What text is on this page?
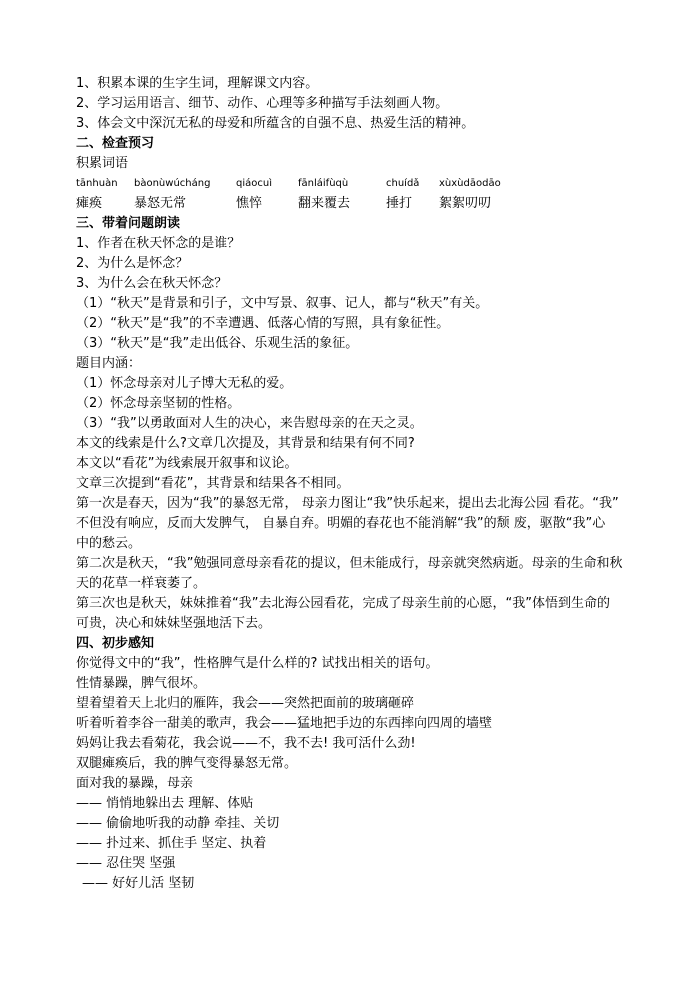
1、积累本课的生字生词，理解课文内容。
2、学习运用语言、细节、动作、心理等多种描写手法刻画人物。
3、体会文中深沉无私的母爱和所蕴含的自强不息、热爱生活的精神。
二、检查预习
积累词语
tānhuàn	bàonùwúcháng	qiáocuì	fānláifùqù	chuídǎ	xùxùdāodāo
瘫痪	暴怒无常	憔悴	翻来覆去	捶打	絮絮叨叨
三、带着问题朗读
1、作者在秋天怀念的是谁？
2、为什么是怀念？
3、为什么会在秋天怀念？
（1）“秋天”是背景和引子，文中写景、叙事、记人，都与“秋天”有关。
（2）“秋天”是“我”的不幸遭遇、低落心情的写照，具有象征性。
（3）“秋天”是“我”走出低谷、乐观生活的象征。
题目内涵：
（1）怀念母亲对儿子博大无私的爱。
（2）怀念母亲坚韧的性格。
（3）“我”以勇敢面对人生的决心，来告慰母亲的在天之灵。
本文的线索是什么?文章几次提及，其背景和结果有何不同?
本文以“看花”为线索展开叙事和议论。
文章三次提到“看花”，其背景和结果各不相同。
第一次是春天，因为“我”的暴怒无常， 母亲力图让“我”快乐起来，提出去北海公园 看花。“我”
不但没有响应，反而大发脾气， 自暴自弃。明媚的春花也不能消解“我”的颓 废，驱散“我”心
中的愁云。
第二次是秋天，“我”勉强同意母亲看花的提议，但未能成行，母亲就突然病逝。母亲的生命和秋
天的花草一样衰萎了。
第三次也是秋天，妹妹推着“我”去北海公园看花，完成了母亲生前的心愿，“我”体悟到生命的
可贵，决心和妹妹坚强地活下去。
四、初步感知
你觉得文中的“我”，性格脾气是什么样的? 试找出相关的语句。
性情暴躁，脾气很坏。
望着望着天上北归的雁阵，我会——突然把面前的玻璃砸碎
听着听着李谷一甜美的歌声，我会——猛地把手边的东西摔向四周的墙壁
妈妈让我去看菊花，我会说——不，我不去! 我可活什么劲!
双腿瘫痪后，我的脾气变得暴怒无常。
面对我的暴躁，母亲
—— 悄悄地躲出去 理解、体贴
—— 偷偷地听我的动静 牵挂、关切
—— 扑过来、抓住手 坚定、执着
—— 忍住哭 坚强
—— 好好儿活 坚韧
